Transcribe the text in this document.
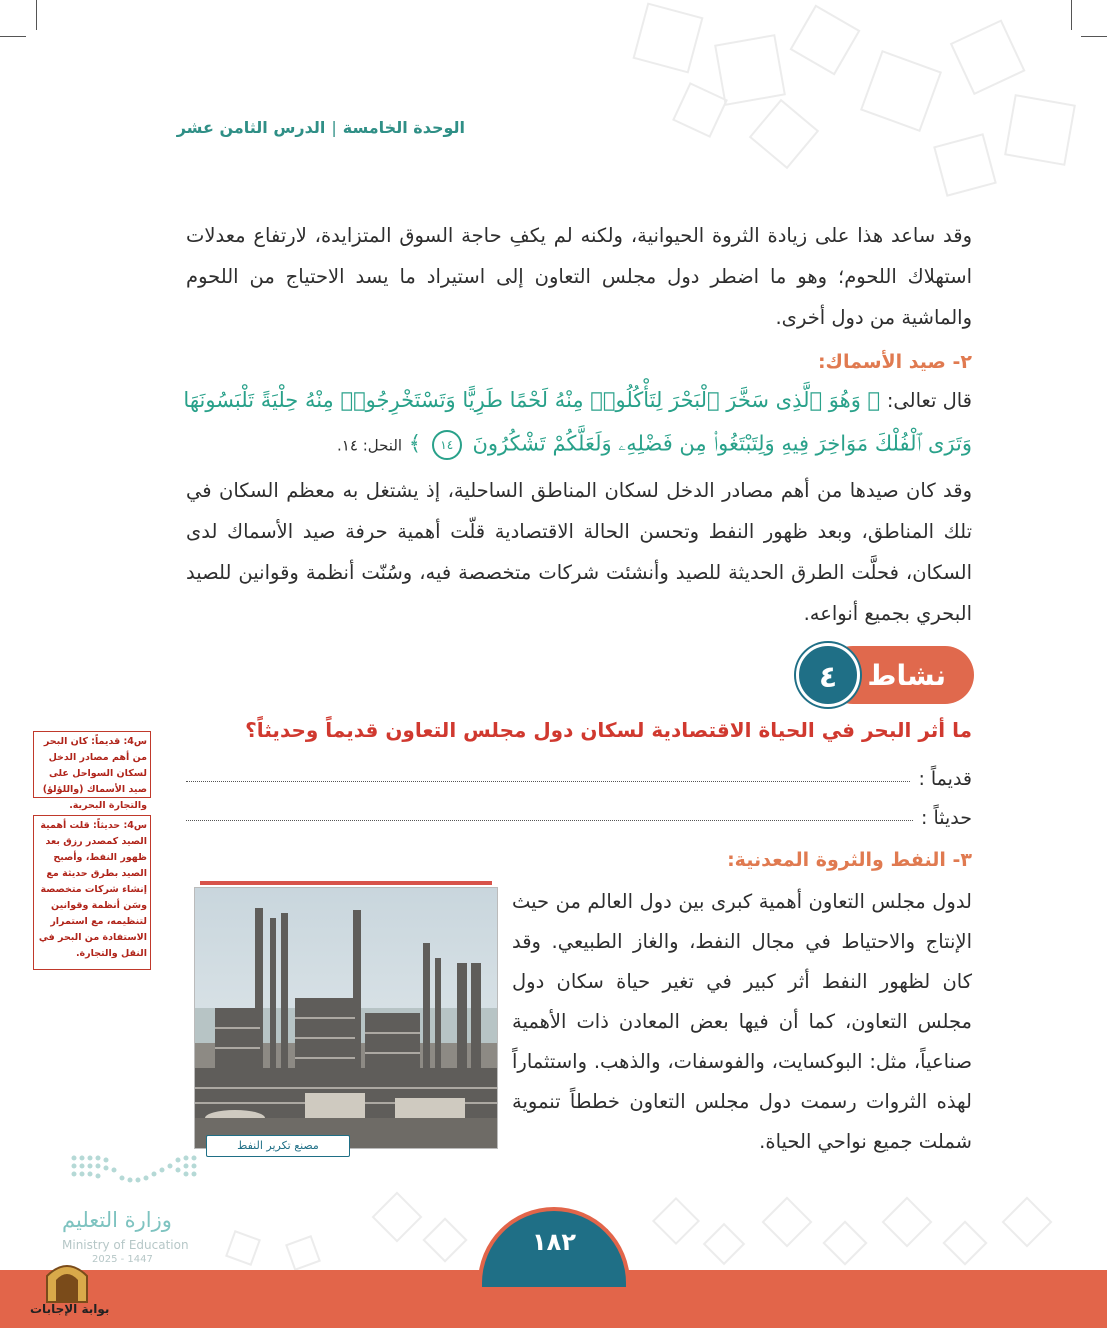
الوحدة الخامسة|الدرس الثامن عشر
وقد ساعد هذا على زيادة الثروة الحيوانية، ولكنه لم يكفِ حاجة السوق المتزايدة، لارتفاع معدلات استهلاك اللحوم؛ وهو ما اضطر دول مجلس التعاون إلى استيراد ما يسد الاحتياج من اللحوم والماشية من دول أخرى.
٢- صيد الأسماك:
قال تعالى: ﴿ وَهُوَ ٱلَّذِى سَخَّرَ ٱلْبَحْرَ لِتَأْكُلُوا۟ مِنْهُ لَحْمًا طَرِيًّا وَتَسْتَخْرِجُوا۟ مِنْهُ حِلْيَةً تَلْبَسُونَهَا
وَتَرَى ٱلْفُلْكَ مَوَاخِرَ فِيهِ وَلِتَبْتَغُوا۟ مِن فَضْلِهِۦ وَلَعَلَّكُمْ تَشْكُرُونَ ١٤ ﴾ النحل: ١٤.
وقد كان صيدها من أهم مصادر الدخل لسكان المناطق الساحلية، إذ يشتغل به معظم السكان في تلك المناطق، وبعد ظهور النفط وتحسن الحالة الاقتصادية قلّت أهمية حرفة صيد الأسماك لدى السكان، فحلَّت الطرق الحديثة للصيد وأنشئت شركات متخصصة فيه، وسُنّت أنظمة وقوانين للصيد البحري بجميع أنواعه.
نشاط
٤
ما أثر البحر في الحياة الاقتصادية لسكان دول مجلس التعاون قديماً وحديثاً؟
قديماً :
حديثاً :
س4: قديماً: كان البحر من أهم مصادر الدخل لسكان السواحل على صيد الأسماك (واللؤلؤ) والتجارة البحرية.
س4: حديثاً: قلت أهمية الصيد كمصدر رزق بعد ظهور النفط، وأصبح الصيد بطرق حديثة مع إنشاء شركات متخصصة وسَن أنظمة وقوانين لتنظيمه، مع استمرار الاستفادة من البحر في النقل والتجارة.
٣- النفط والثروة المعدنية:
مصنع تكرير النفط
لدول مجلس التعاون أهمية كبرى بين دول العالم من حيث الإنتاج والاحتياط في مجال النفط، والغاز الطبيعي. وقد كان لظهور النفط أثر كبير في تغير حياة سكان دول مجلس التعاون، كما أن فيها بعض المعادن ذات الأهمية صناعياً، مثل: البوكسايت، والفوسفات، والذهب. واستثماراً لهذه الثروات رسمت دول مجلس التعاون خططاً تنموية شملت جميع نواحي الحياة.
وزارة التعليم
Ministry of Education
2025 - 1447
١٨٢
بوابة الإجابات
